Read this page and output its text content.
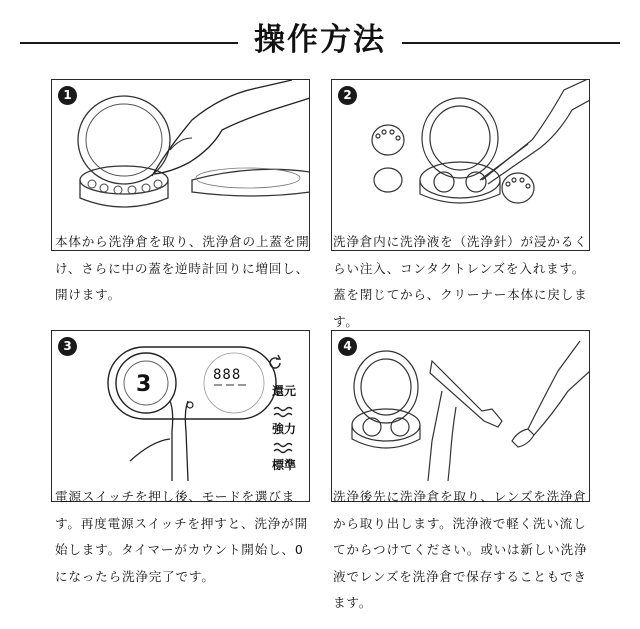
操作方法
1
本体から洗浄倉を取り、洗浄倉の上蓋を開け、さらに中の蓋を逆時計回りに増回し、開けます。
2
洗浄倉内に洗浄液を（洗浄針）が浸かるくらい注入、コンタクトレンズを入れます。蓋を閉じてから、クリーナー本体に戻します。
3	888
還元
強力
標準
3
電源スイッチを押し後、モードを選びます。再度電源スイッチを押すと、洗浄が開始します。タイマーがカウント開始し、0になったら洗浄完了です。
4
洗浄後先に洗浄倉を取り、レンズを洗浄倉から取り出します。洗浄液で軽く洗い流してからつけてください。或いは新しい洗浄液でレンズを洗浄倉で保存することもできます。
